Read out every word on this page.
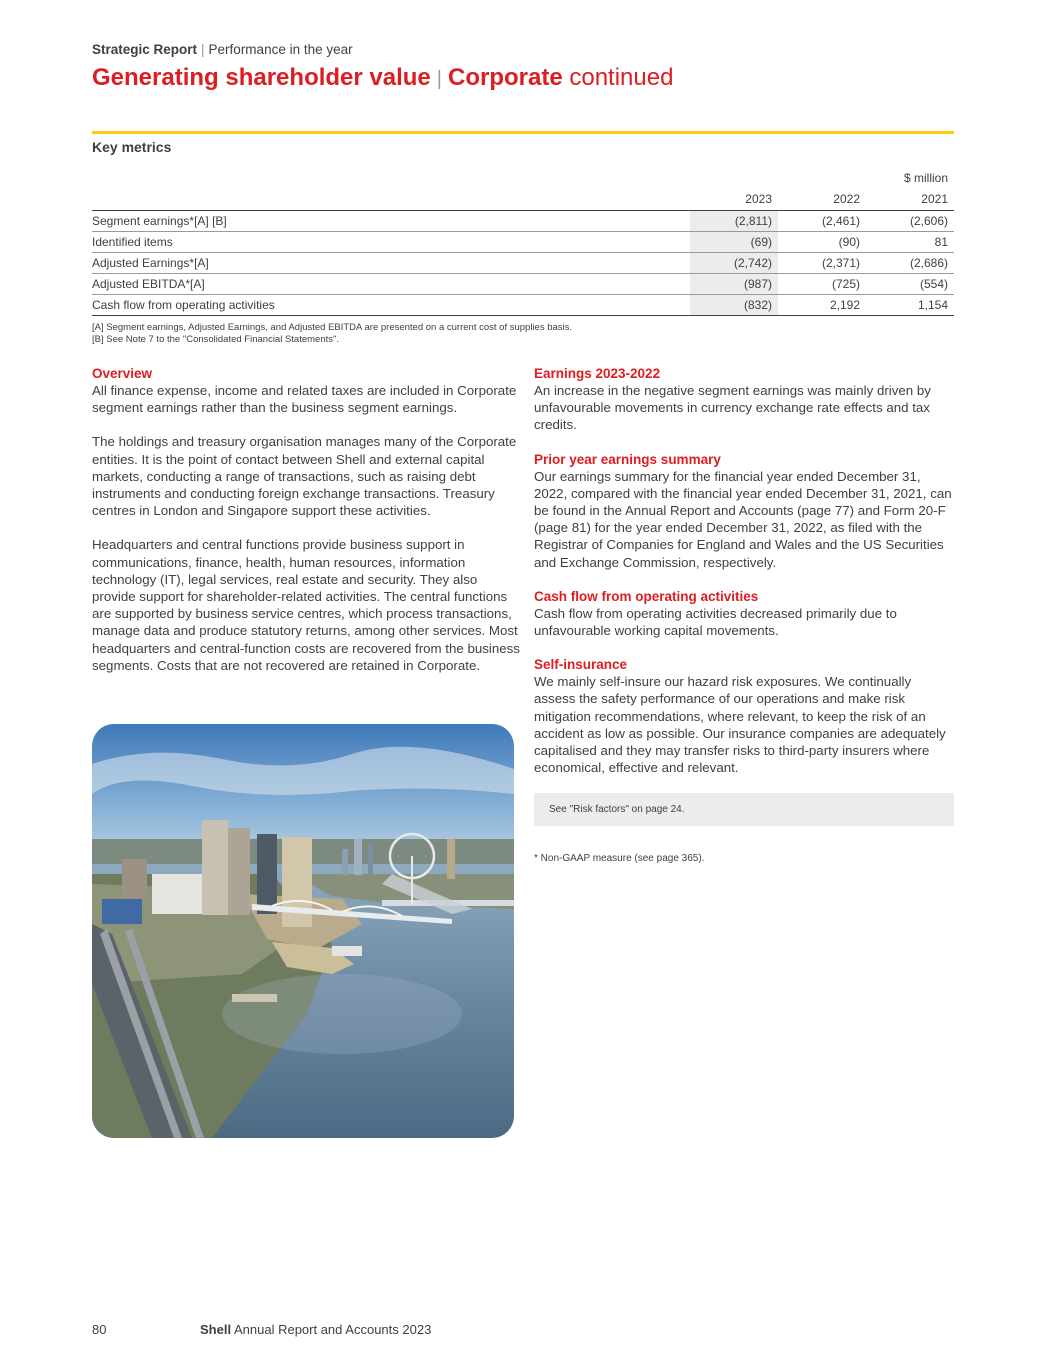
Strategic Report | Performance in the year
Generating shareholder value | Corporate continued
Key metrics
$ million
	2023	2022	2021
Segment earnings*[A] [B]	(2,811)	(2,461)	(2,606)
Identified items	(69)	(90)	81
Adjusted Earnings*[A]	(2,742)	(2,371)	(2,686)
Adjusted EBITDA*[A]	(987)	(725)	(554)
Cash flow from operating activities	(832)	2,192	1,154
[A] Segment earnings, Adjusted Earnings, and Adjusted EBITDA are presented on a current cost of supplies basis.
[B] See Note 7 to the "Consolidated Financial Statements".
Overview

All finance expense, income and related taxes are included in Corporate segment earnings rather than the business segment earnings.

The holdings and treasury organisation manages many of the Corporate entities. It is the point of contact between Shell and external capital markets, conducting a range of transactions, such as raising debt instruments and conducting foreign exchange transactions. Treasury centres in London and Singapore support these activities.

Headquarters and central functions provide business support in communications, finance, health, human resources, information technology (IT), legal services, real estate and security. They also provide support for shareholder-related activities. The central functions are supported by business service centres, which process transactions, manage data and produce statutory returns, among other services. Most headquarters and central-function costs are recovered from the business segments. Costs that are not recovered are retained in Corporate.

Earnings 2023-2022

An increase in the negative segment earnings was mainly driven by unfavourable movements in currency exchange rate effects and tax credits.

Prior year earnings summary

Our earnings summary for the financial year ended December 31, 2022, compared with the financial year ended December 31, 2021, can be found in the Annual Report and Accounts (page 77) and Form 20-F (page 81) for the year ended December 31, 2022, as filed with the Registrar of Companies for England and Wales and the US Securities and Exchange Commission, respectively.

Cash flow from operating activities

Cash flow from operating activities decreased primarily due to unfavourable working capital movements.

Self-insurance

We mainly self-insure our hazard risk exposures. We continually assess the safety performance of our operations and make risk mitigation recommendations, where relevant, to keep the risk of an accident as low as possible. Our insurance companies are adequately capitalised and they may transfer risks to third-party insurers where economical, effective and relevant.

See "Risk factors" on page 24.
* Non-GAAP measure (see page 365).
80	Shell Annual Report and Accounts 2023
